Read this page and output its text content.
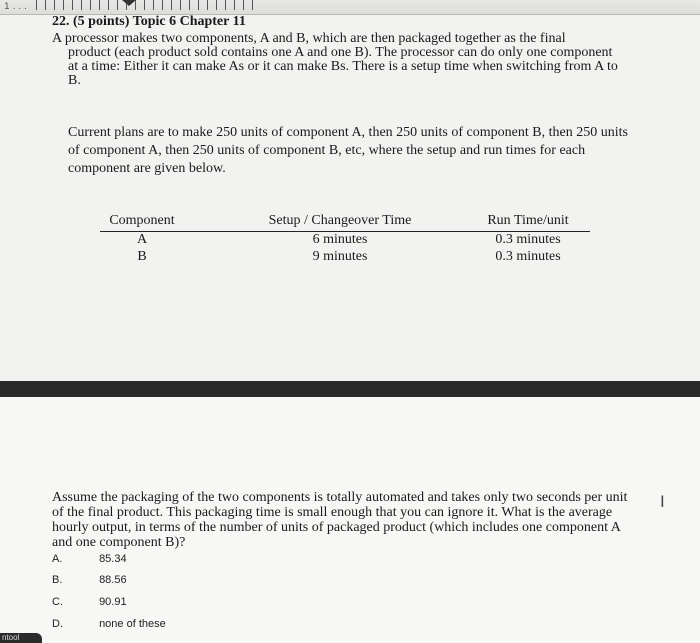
1 . . .
22. (5 points) Topic 6 Chapter 11
A processor makes two components, A and B, which are then packaged together as the final
product (each product sold contains one A and one B). The processor can do only one component at a time: Either it can make As or it can make Bs. There is a setup time when switching from A to B.
Current plans are to make 250 units of component A, then 250 units of component B, then 250 units of component A, then 250 units of component B, etc, where the setup and run times for each component are given below.
Component	Setup / Changeover Time	Run Time/unit
A	6 minutes	0.3 minutes
B	9 minutes	0.3 minutes
Assume the packaging of the two components is totally automated and takes only two seconds per unit of the final product. This packaging time is small enough that you can ignore it. What is the average hourly output, in terms of the number of units of packaged product (which includes one component A and one component B)?
I
A.	85.34
B.	88.56
C.	90.91
D.	none of these
ntool
